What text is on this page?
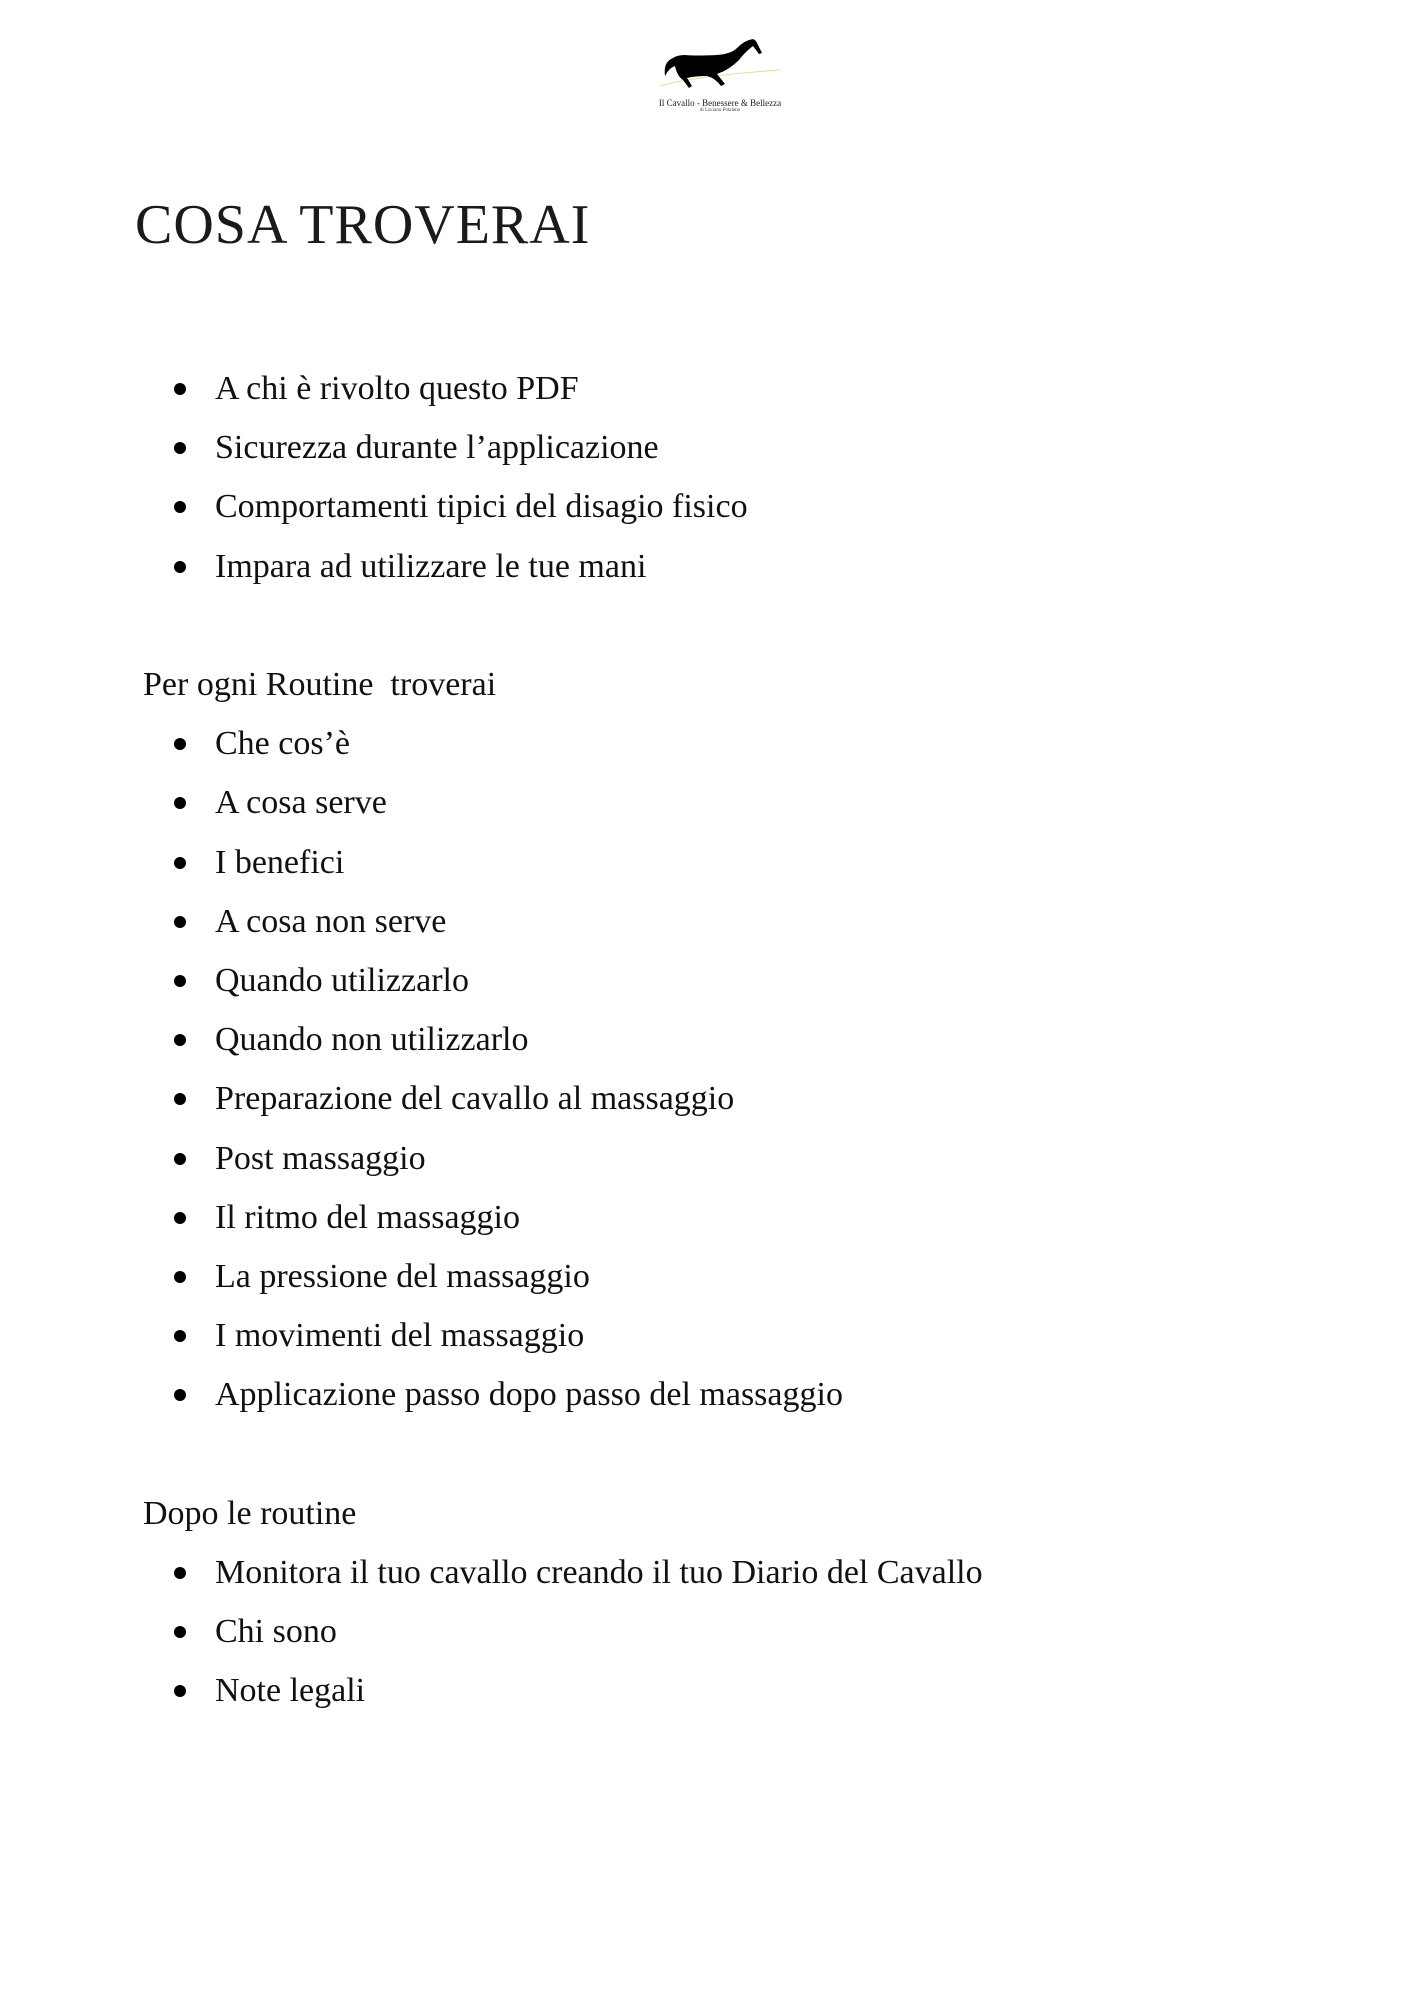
Il Cavallo - Benessere & Bellezza
di Luciano Potalano
COSA TROVERAI
A chi è rivolto questo PDF
Sicurezza durante l’applicazione
Comportamenti tipici del disagio fisico
Impara ad utilizzare le tue mani

Per ogni Routine  troverai

Che cos’è
A cosa serve
I benefici
A cosa non serve
Quando utilizzarlo
Quando non utilizzarlo
Preparazione del cavallo al massaggio
Post massaggio
Il ritmo del massaggio
La pressione del massaggio
I movimenti del massaggio
Applicazione passo dopo passo del massaggio

Dopo le routine

Monitora il tuo cavallo creando il tuo Diario del Cavallo
Chi sono
Note legali
